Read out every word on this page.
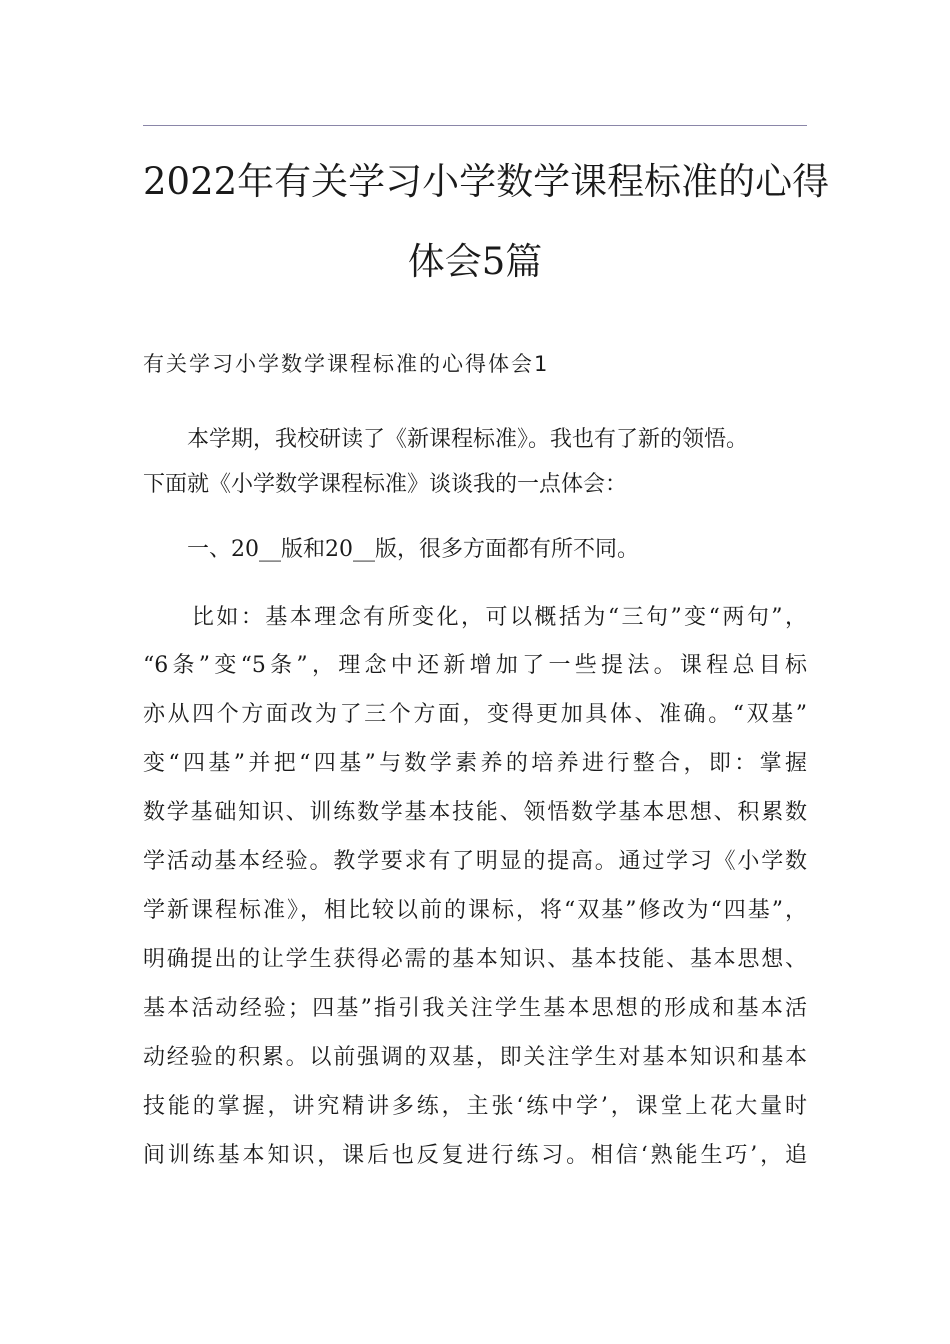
2022年有关学习小学数学课程标准的心得
体会5篇
有关学习小学数学课程标准的心得体会1
　　本学期，我校研读了《新课程标准》。我也有了新的领悟。
下面就《小学数学课程标准》谈谈我的一点体会：
　　一、20__版和20__版，很多方面都有所不同。
　　比如：基本理念有所变化，可以概括为“三句”变“两句”，
“6条”变“5条”，理念中还新增加了一些提法。课程总目标
亦从四个方面改为了三个方面，变得更加具体、准确。“双基”
变“四基”并把“四基”与数学素养的培养进行整合，即：掌握
数学基础知识、训练数学基本技能、领悟数学基本思想、积累数
学活动基本经验。教学要求有了明显的提高。通过学习《小学数
学新课程标准》，相比较以前的课标，将“双基”修改为“四基”，
明确提出的让学生获得必需的基本知识、基本技能、基本思想、
基本活动经验；四基”指引我关注学生基本思想的形成和基本活
动经验的积累。以前强调的双基，即关注学生对基本知识和基本
技能的掌握，讲究精讲多练，主张‘练中学’，课堂上花大量时
间训练基本知识，课后也反复进行练习。相信‘熟能生巧’，追
